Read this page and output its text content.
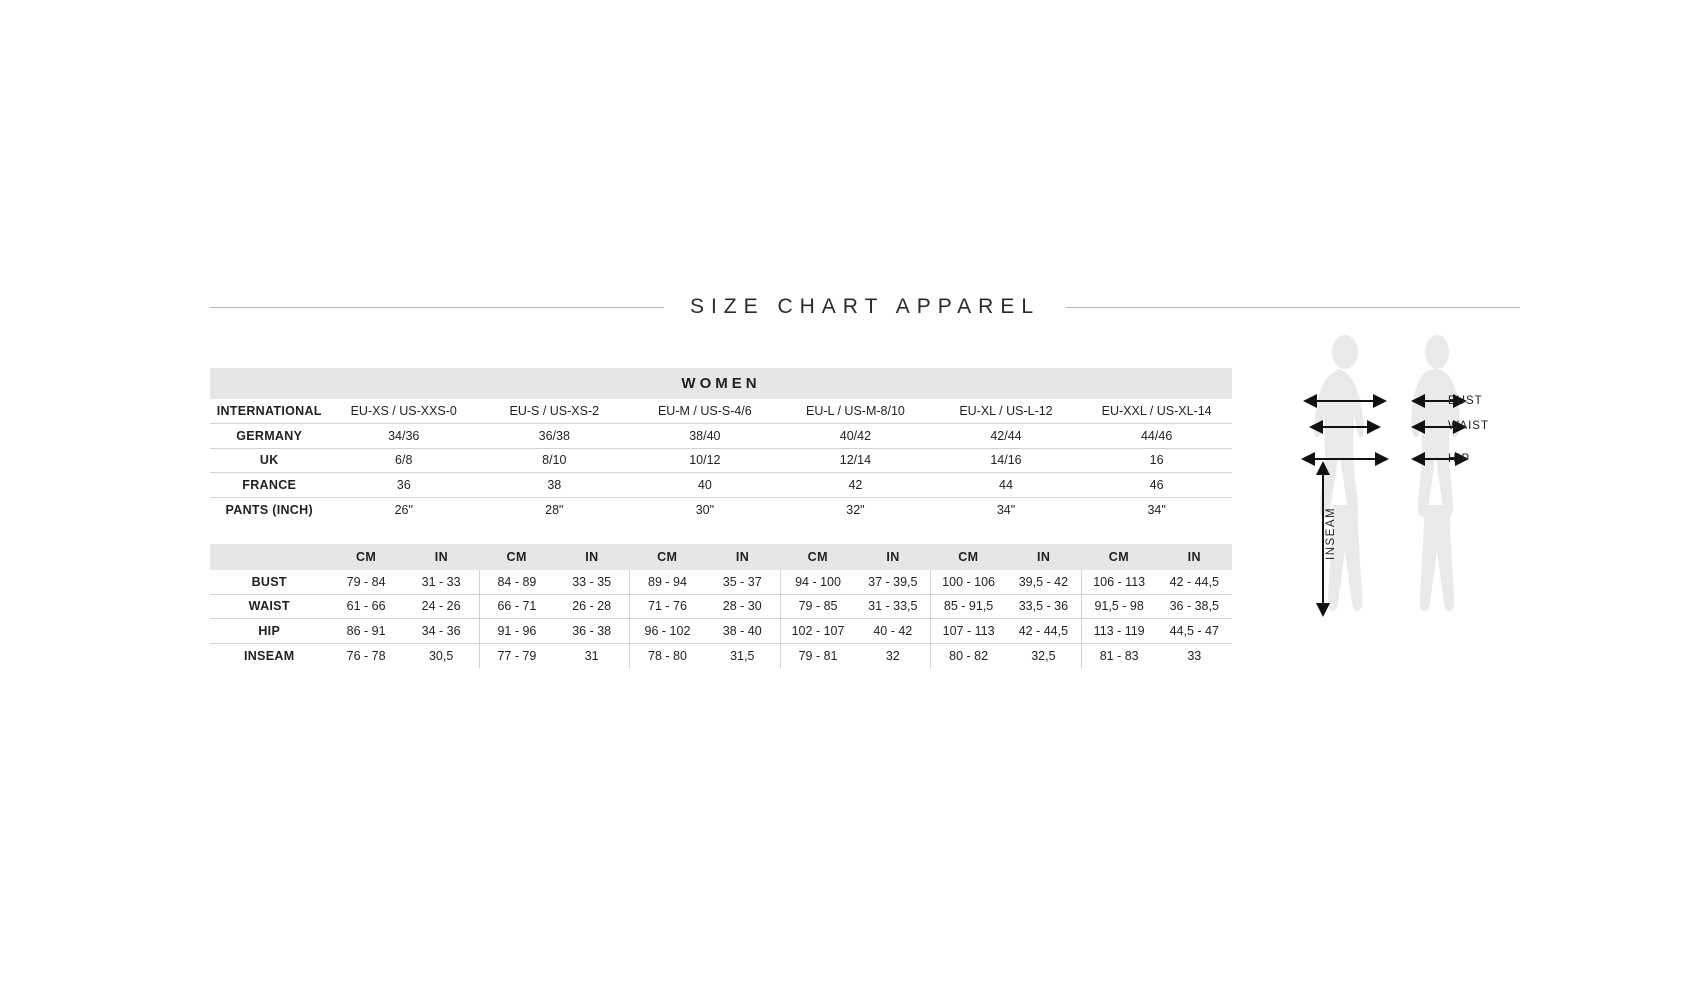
SIZE CHART APPAREL
WOMEN												
INTERNATIONAL	EU-XS / US-XXS-0		EU-S / US-XS-2		EU-M / US-S-4/6		EU-L / US-M-8/10		EU-XL / US-L-12		EU-XXL / US-XL-14	
GERMANY	34/36		36/38		38/40		40/42		42/44		44/46	
UK	6/8		8/10		10/12		12/14		14/16		16	
FRANCE	36		38		40		42		44		46	
PANTS (INCH)	26"		28"		30"		32"		34"		34"	

	CM	IN	CM	IN	CM	IN	CM	IN	CM	IN	CM	IN
BUST	79 - 84	31 - 33	84 - 89	33 - 35	89 - 94	35 - 37	94 - 100	37 - 39,5	100 - 106	39,5 - 42	106 - 113	42 - 44,5
WAIST	61 - 66	24 - 26	66 - 71	26 - 28	71 - 76	28 - 30	79 - 85	31 - 33,5	85 - 91,5	33,5 - 36	91,5 - 98	36 - 38,5
HIP	86 - 91	34 - 36	91 - 96	36 - 38	96 - 102	38 - 40	102 - 107	40 - 42	107 - 113	42 - 44,5	113 - 119	44,5 - 47
INSEAM	76 - 78	30,5	77 - 79	31	78 - 80	31,5	79 - 81	32	80 - 82	32,5	81 - 83	33
BUST
WAIST
HIP
INSEAM
